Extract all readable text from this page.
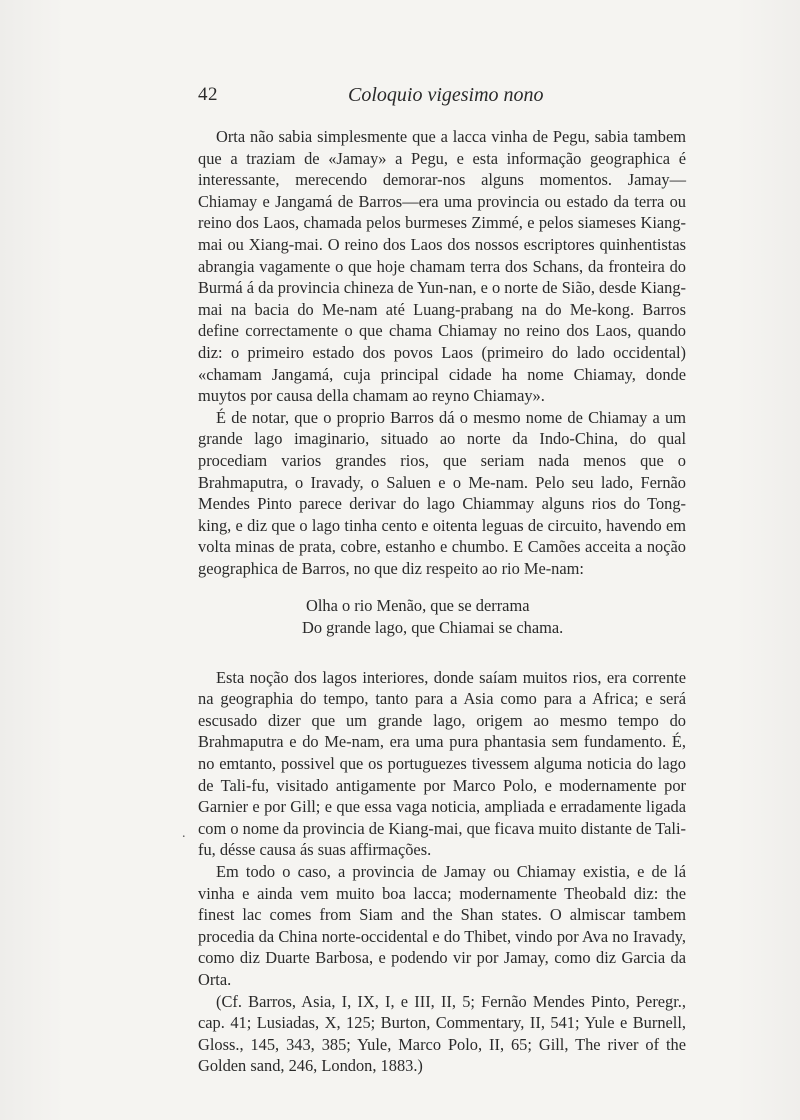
42	Coloquio vigesimo nono

Orta não sabia simplesmente que a lacca vinha de Pegu, sabia tambem que a traziam de «Jamay» a Pegu, e esta informação geographica é interessante, merecendo demorar-nos alguns momentos. Jamay—Chiamay e Jangamá de Barros—era uma provincia ou estado da terra ou reino dos Laos, chamada pelos burmeses Zimmé, e pelos siameses Kiang-mai ou Xiang-mai. O reino dos Laos dos nossos escriptores quinhentistas abrangia vagamente o que hoje chamam terra dos Schans, da fronteira do Burmá á da provincia chineza de Yun-nan, e o norte de Sião, desde Kiang-mai na bacia do Me-nam até Luang-prabang na do Me-kong. Barros define correctamente o que chama Chiamay no reino dos Laos, quando diz: o primeiro estado dos povos Laos (primeiro do lado occidental) «chamam Jangamá, cuja principal cidade ha nome Chiamay, donde muytos por causa della chamam ao reyno Chiamay».

É de notar, que o proprio Barros dá o mesmo nome de Chiamay a um grande lago imaginario, situado ao norte da Indo-China, do qual procediam varios grandes rios, que seriam nada menos que o Brahmaputra, o Iravady, o Saluen e o Me-nam. Pelo seu lado, Fernão Mendes Pinto parece derivar do lago Chiammay alguns rios do Tong-king, e diz que o lago tinha cento e oitenta leguas de circuito, havendo em volta minas de prata, cobre, estanho e chumbo. E Camões acceita a noção geographica de Barros, no que diz respeito ao rio Me-nam:

Olha o rio Menão, que se derrama
Do grande lago, que Chiamai se chama.

Esta noção dos lagos interiores, donde saíam muitos rios, era corrente na geographia do tempo, tanto para a Asia como para a Africa; e será escusado dizer que um grande lago, origem ao mesmo tempo do Brahmaputra e do Me-nam, era uma pura phantasia sem fundamento. É, no emtanto, possivel que os portuguezes tivessem alguma noticia do lago de Tali-fu, visitado antigamente por Marco Polo, e modernamente por Garnier e por Gill; e que essa vaga noticia, ampliada e erradamente ligada com o nome da provincia de Kiang-mai, que ficava muito distante de Tali-fu, désse causa ás suas affirmações.

Em todo o caso, a provincia de Jamay ou Chiamay existia, e de lá vinha e ainda vem muito boa lacca; modernamente Theobald diz: the finest lac comes from Siam and the Shan states. O almiscar tambem procedia da China norte-occidental e do Thibet, vindo por Ava no Iravady, como diz Duarte Barbosa, e podendo vir por Jamay, como diz Garcia da Orta.

(Cf. Barros, Asia, I, IX, I, e III, II, 5; Fernão Mendes Pinto, Peregr., cap. 41; Lusiadas, X, 125; Burton, Commentary, II, 541; Yule e Burnell, Gloss., 145, 343, 385; Yule, Marco Polo, II, 65; Gill, The river of the Golden sand, 246, London, 1883.)

.
